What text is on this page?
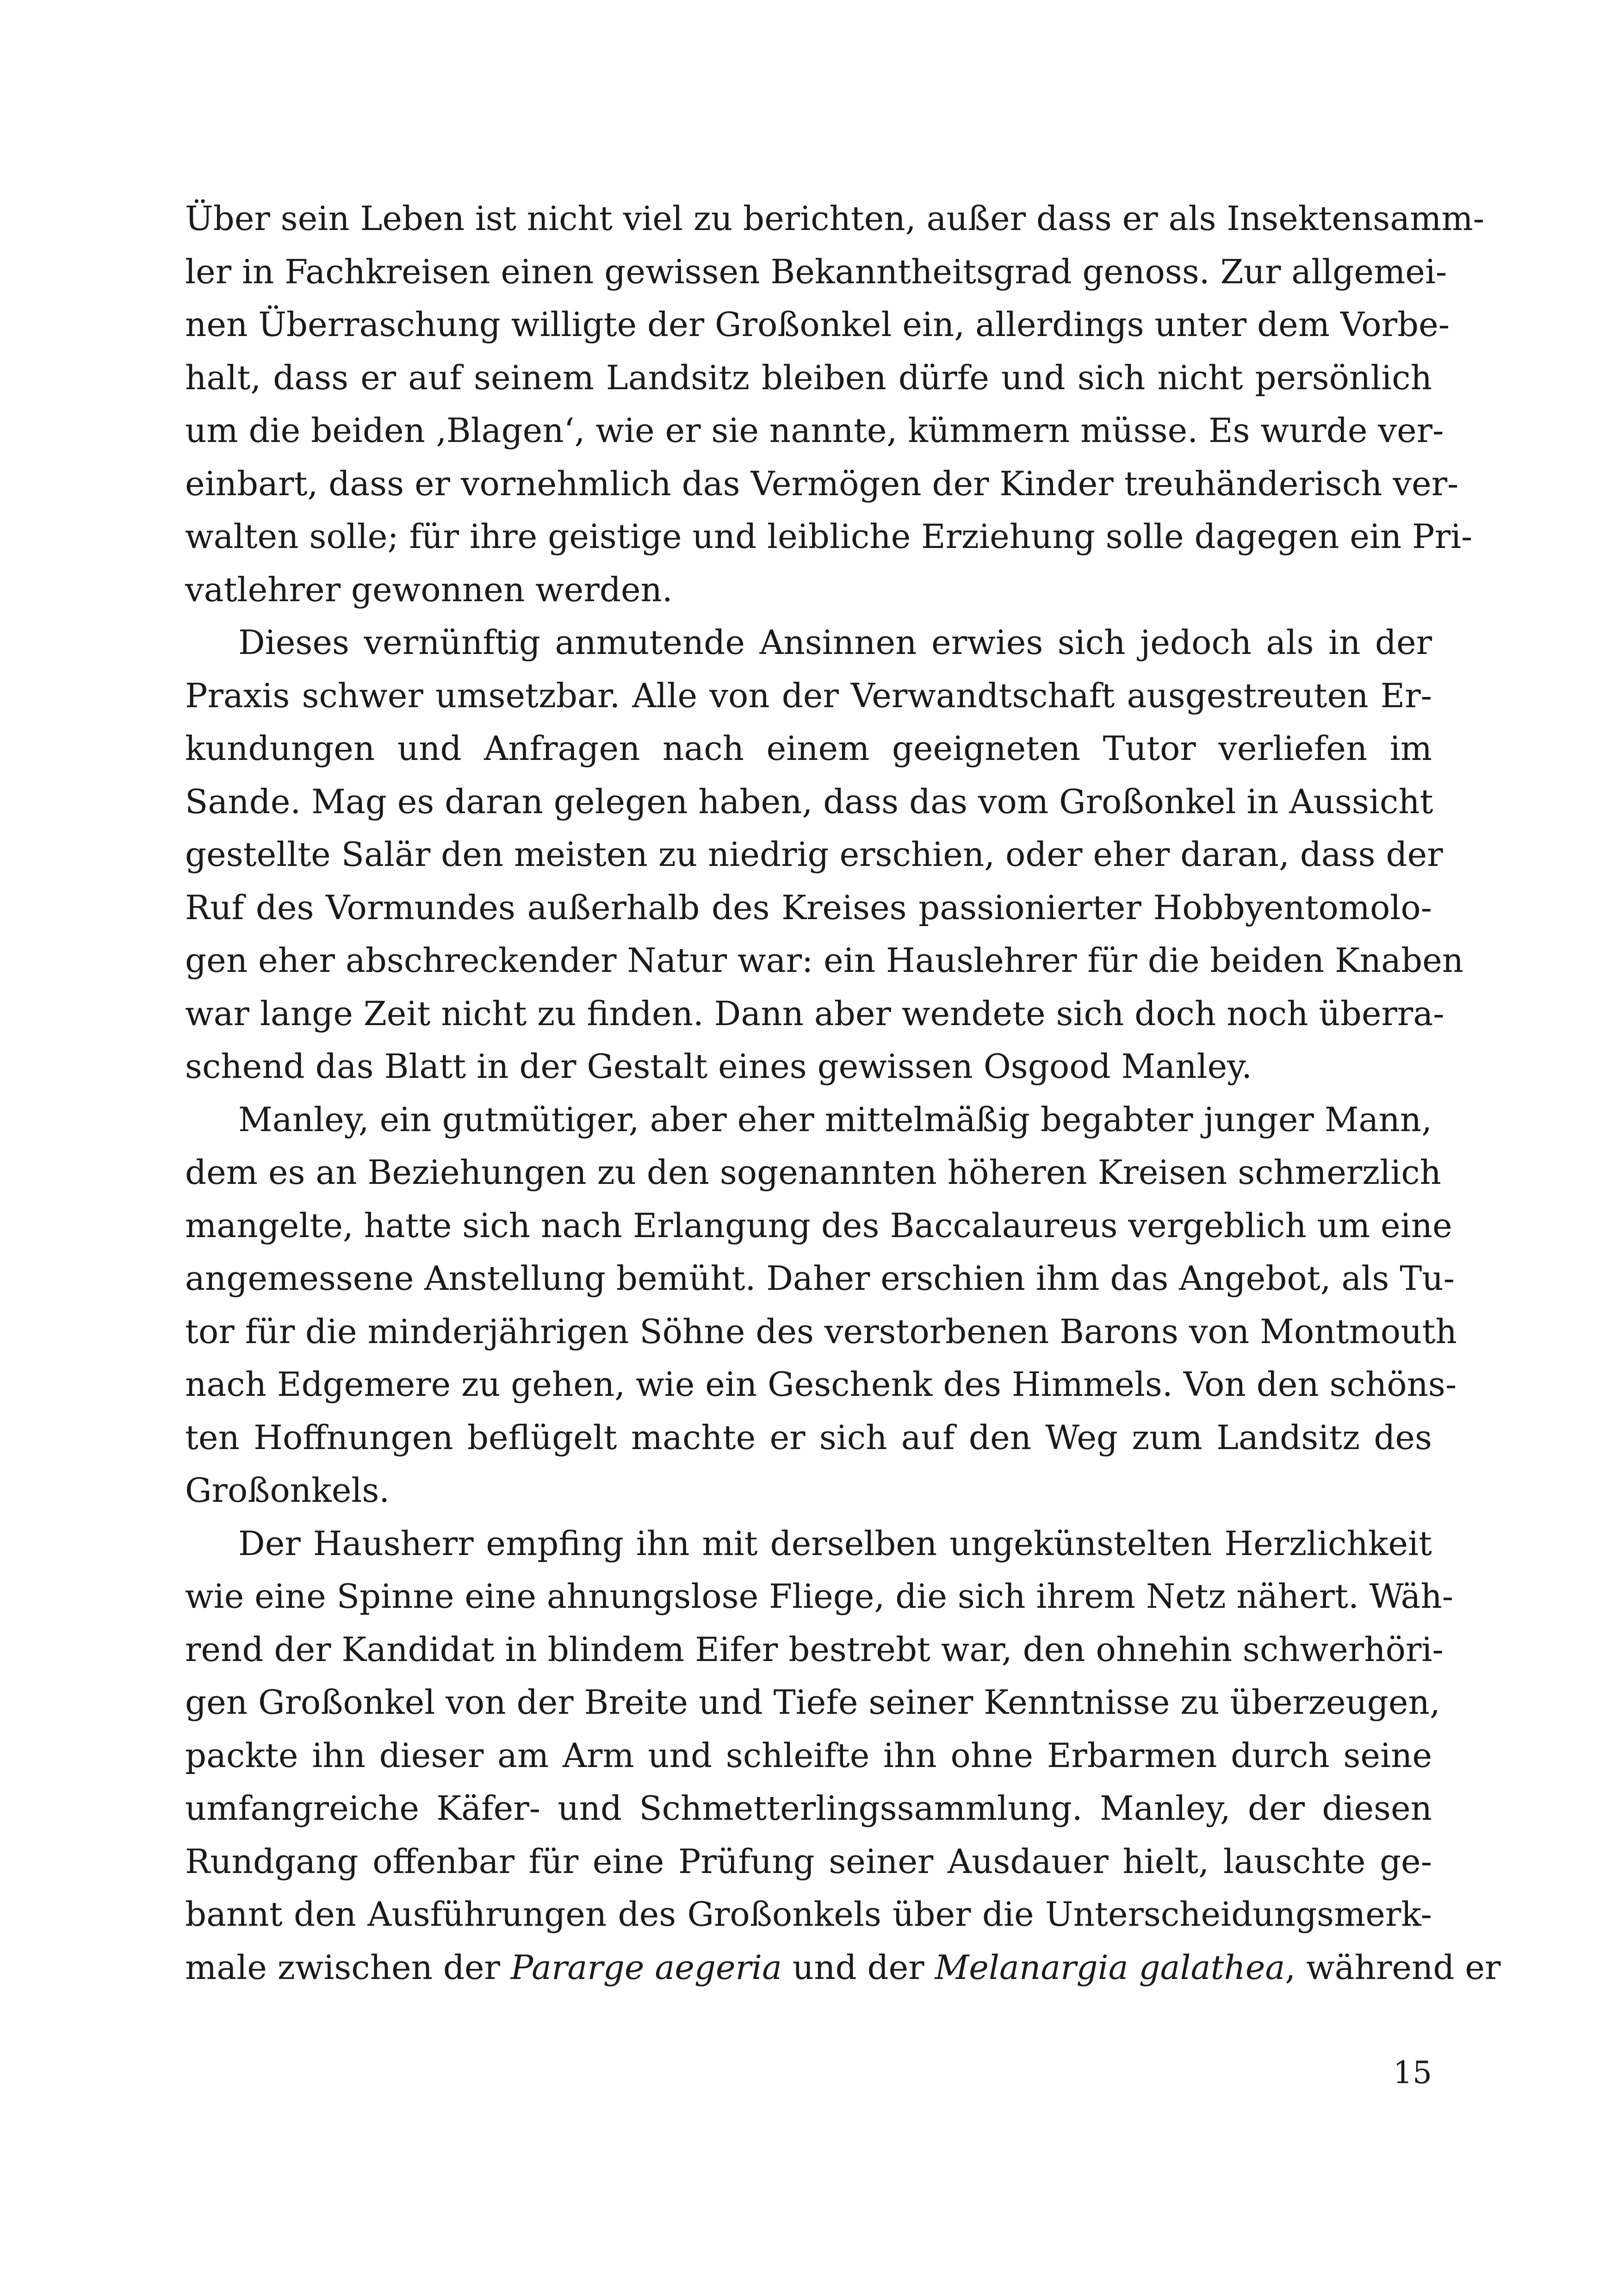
Über sein Leben ist nicht viel zu berichten, außer dass er als Insektensamm-
ler in Fachkreisen einen gewissen Bekanntheitsgrad genoss. Zur allgemei-
nen Überraschung willigte der Großonkel ein, allerdings unter dem Vorbe-
halt, dass er auf seinem Landsitz bleiben dürfe und sich nicht persönlich
um die beiden ‚Blagen‘, wie er sie nannte, kümmern müsse. Es wurde ver-
einbart, dass er vornehmlich das Vermögen der Kinder treuhänderisch ver-
walten solle; für ihre geistige und leibliche Erziehung solle dagegen ein Pri-
vatlehrer gewonnen werden.
Dieses vernünftig anmutende Ansinnen erwies sich jedoch als in der
Praxis schwer umsetzbar. Alle von der Verwandtschaft ausgestreuten Er-
kundungen und Anfragen nach einem geeigneten Tutor verliefen im
Sande. Mag es daran gelegen haben, dass das vom Großonkel in Aussicht
gestellte Salär den meisten zu niedrig erschien, oder eher daran, dass der
Ruf des Vormundes außerhalb des Kreises passionierter Hobbyentomolo-
gen eher abschreckender Natur war: ein Hauslehrer für die beiden Knaben
war lange Zeit nicht zu finden. Dann aber wendete sich doch noch überra-
schend das Blatt in der Gestalt eines gewissen Osgood Manley.
Manley, ein gutmütiger, aber eher mittelmäßig begabter junger Mann,
dem es an Beziehungen zu den sogenannten höheren Kreisen schmerzlich
mangelte, hatte sich nach Erlangung des Baccalaureus vergeblich um eine
angemessene Anstellung bemüht. Daher erschien ihm das Angebot, als Tu-
tor für die minderjährigen Söhne des verstorbenen Barons von Montmouth
nach Edgemere zu gehen, wie ein Geschenk des Himmels. Von den schöns-
ten Hoffnungen beflügelt machte er sich auf den Weg zum Landsitz des
Großonkels.
Der Hausherr empfing ihn mit derselben ungekünstelten Herzlichkeit
wie eine Spinne eine ahnungslose Fliege, die sich ihrem Netz nähert. Wäh-
rend der Kandidat in blindem Eifer bestrebt war, den ohnehin schwerhöri-
gen Großonkel von der Breite und Tiefe seiner Kenntnisse zu überzeugen,
packte ihn dieser am Arm und schleifte ihn ohne Erbarmen durch seine
umfangreiche Käfer- und Schmetterlingssammlung. Manley, der diesen
Rundgang offenbar für eine Prüfung seiner Ausdauer hielt, lauschte ge-
bannt den Ausführungen des Großonkels über die Unterscheidungsmerk-
male zwischen der Pararge aegeria und der Melanargia galathea, während er
15
